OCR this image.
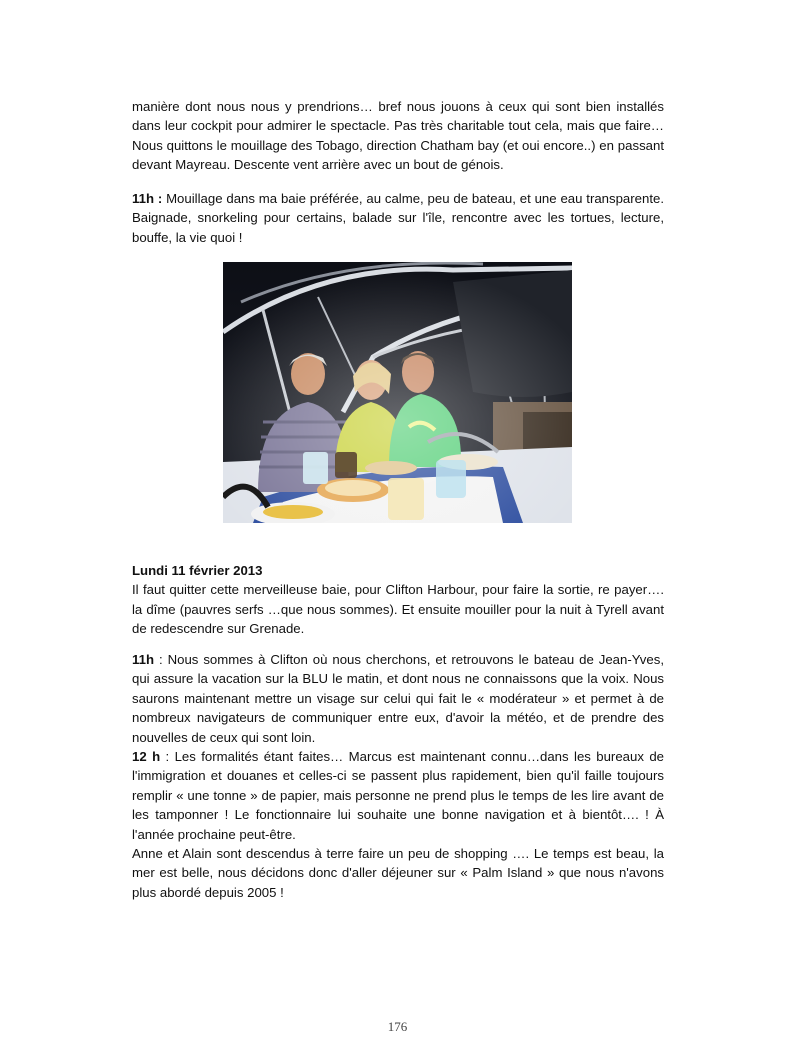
manière dont nous nous y prendrions… bref nous jouons à ceux qui sont bien installés dans leur cockpit pour admirer le spectacle. Pas très charitable tout cela, mais que faire… Nous quittons le mouillage des Tobago, direction Chatham bay (et oui encore..) en passant devant Mayreau. Descente vent arrière avec un bout de génois.

11h : Mouillage dans ma baie préférée, au calme, peu de bateau, et une eau transparente. Baignade, snorkeling pour certains, balade sur l'île, rencontre avec les tortues, lecture, bouffe, la vie quoi !

Lundi 11 février 2013

Il faut quitter cette merveilleuse baie, pour Clifton Harbour, pour faire la sortie, re payer…. la dîme (pauvres serfs …que nous sommes). Et ensuite mouiller pour la nuit à Tyrell avant de redescendre sur Grenade.

11h : Nous sommes à Clifton où nous cherchons, et retrouvons le bateau de Jean-Yves, qui assure la vacation sur la BLU le matin, et dont nous ne connaissons que la voix. Nous saurons maintenant mettre un visage sur celui qui fait le « modérateur » et permet à de nombreux navigateurs de communiquer entre eux, d'avoir la météo, et de prendre des nouvelles de ceux qui sont loin.

12 h : Les formalités étant faites… Marcus est maintenant connu…dans les bureaux de l'immigration et douanes et celles-ci se passent plus rapidement, bien qu'il faille toujours remplir « une tonne » de papier, mais personne ne prend plus le temps de les lire avant de les tamponner ! Le fonctionnaire lui souhaite une bonne navigation et à bientôt…. ! À l'année prochaine peut-être.

Anne et Alain sont descendus à terre faire un peu de shopping …. Le temps est beau, la mer est belle, nous décidons donc d'aller déjeuner sur « Palm Island » que nous n'avons plus abordé depuis 2005 !

176
